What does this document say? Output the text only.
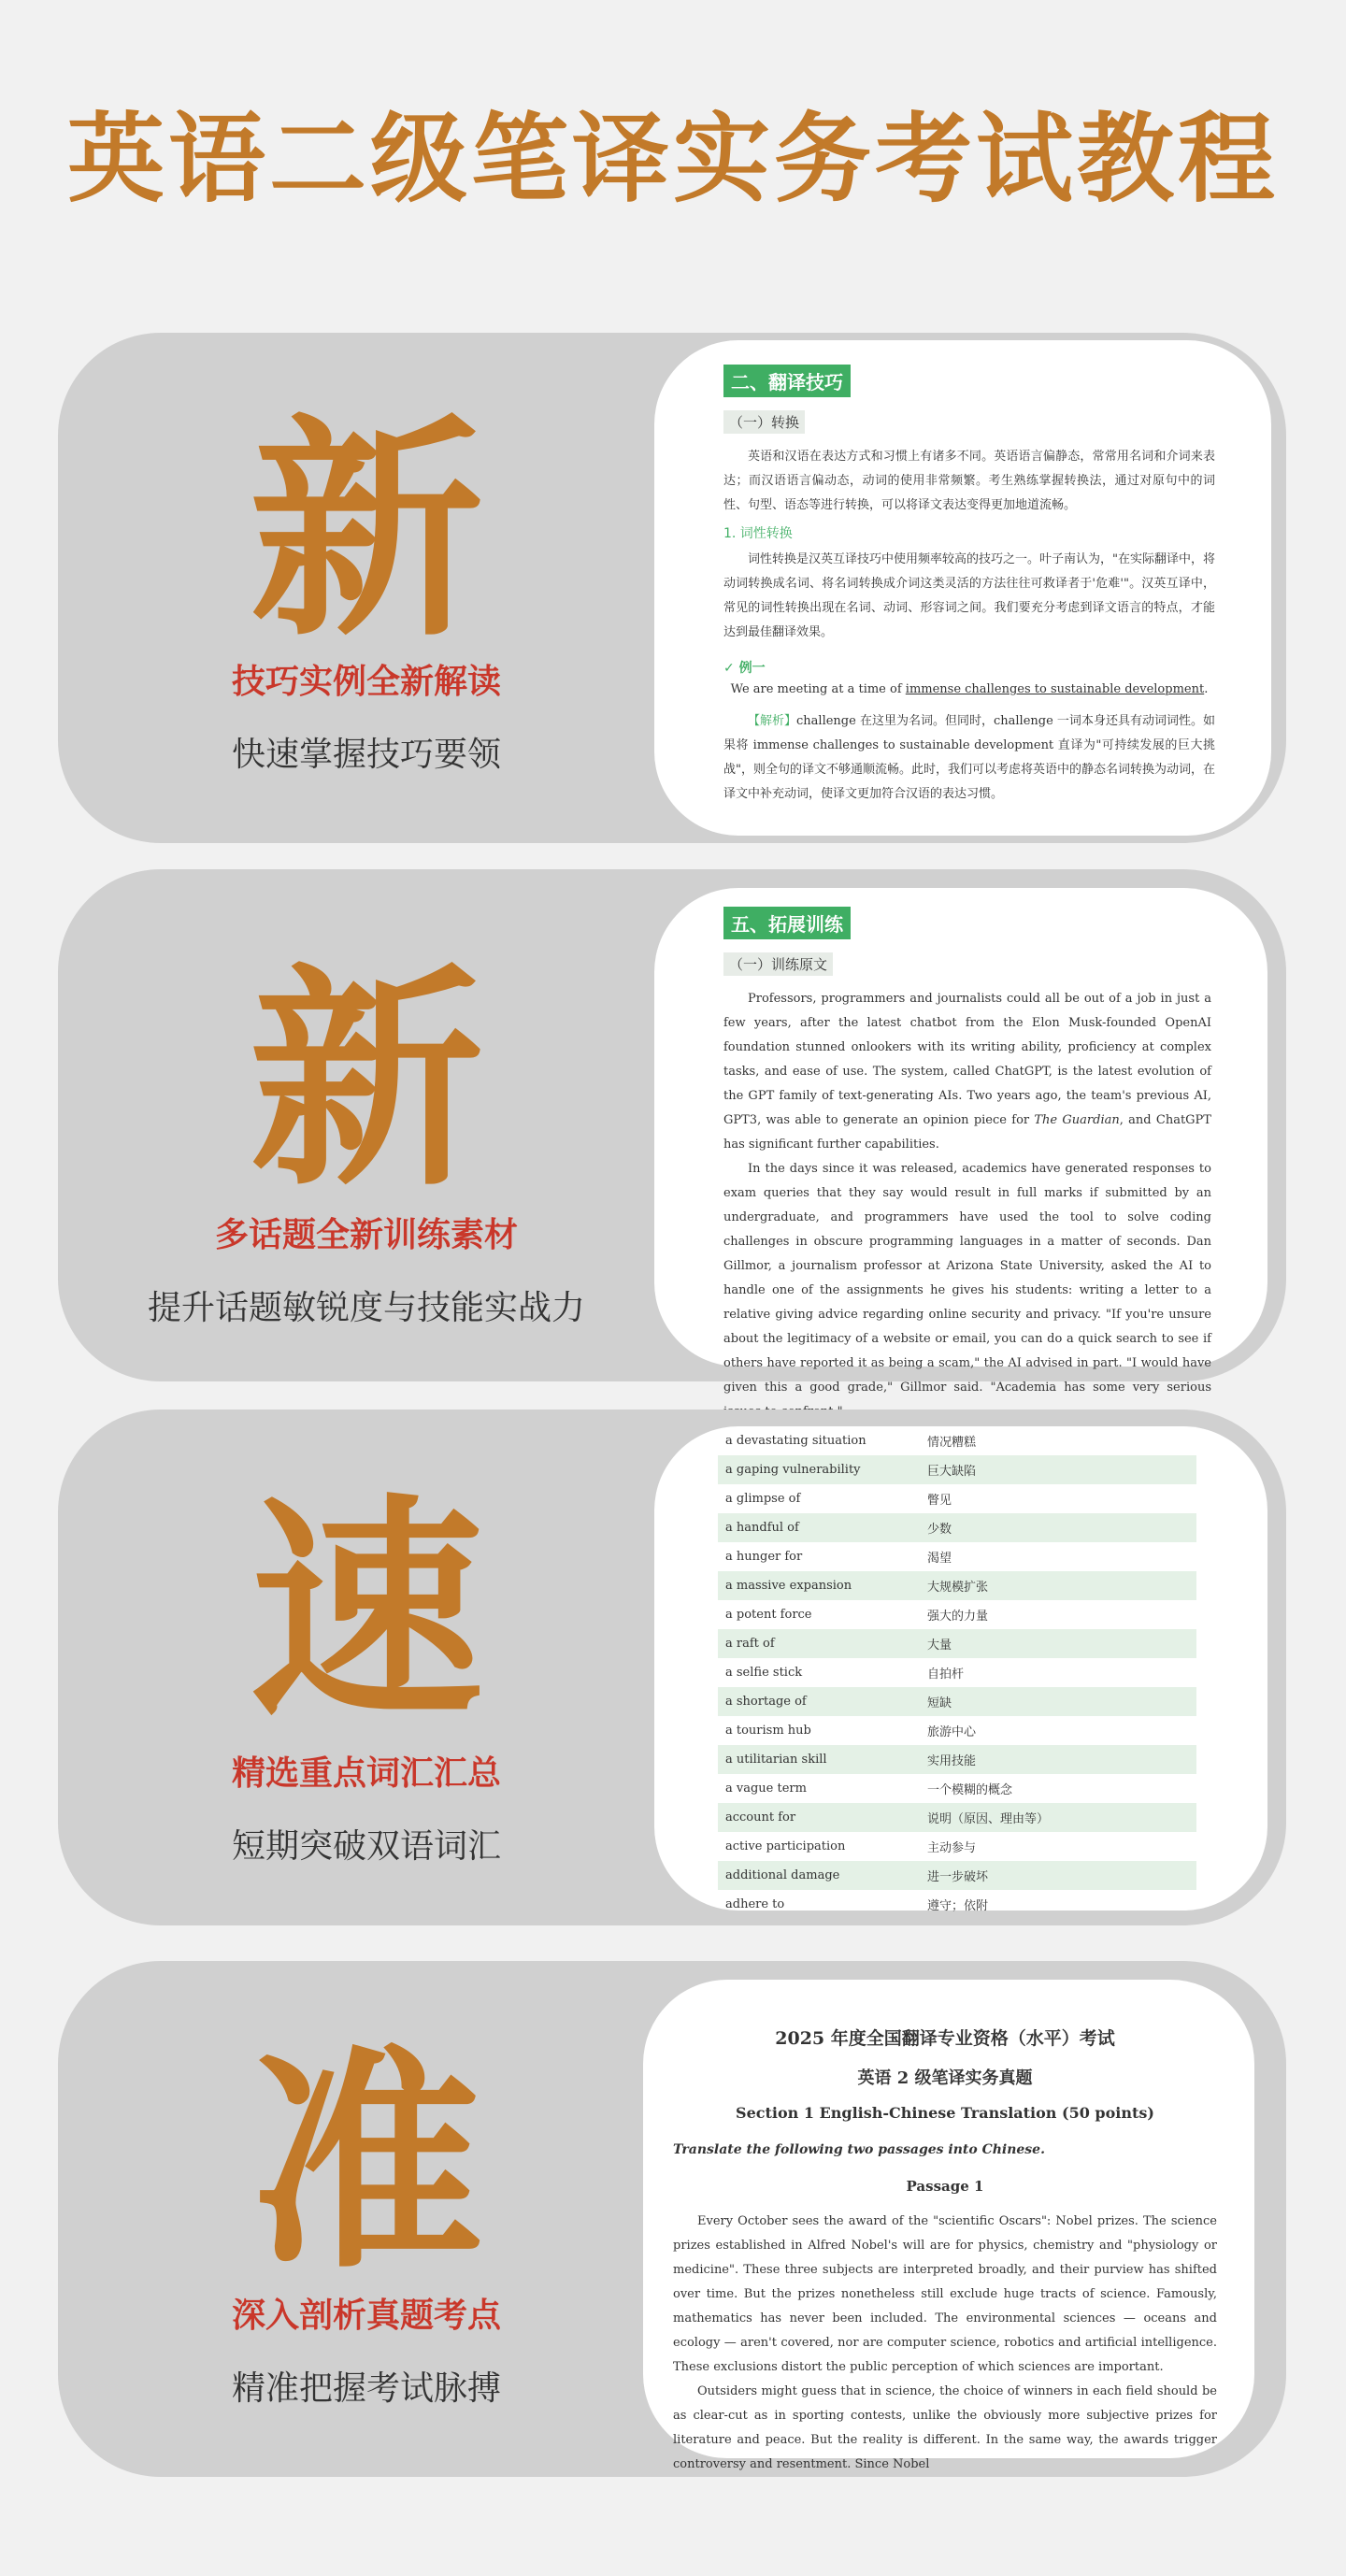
英语二级笔译实务考试教程
新
技巧实例全新解读
快速掌握技巧要领
二、翻译技巧
（一）转换

英语和汉语在表达方式和习惯上有诸多不同。英语语言偏静态，常常用名词和介词来表达；而汉语语言偏动态，动词的使用非常频繁。考生熟练掌握转换法，通过对原句中的词性、句型、语态等进行转换，可以将译文表达变得更加地道流畅。

1. 词性转换

词性转换是汉英互译技巧中使用频率较高的技巧之一。叶子南认为，"在实际翻译中，将动词转换成名词、将名词转换成介词这类灵活的方法往往可救译者于'危难'"。汉英互译中，常见的词性转换出现在名词、动词、形容词之间。我们要充分考虑到译文语言的特点，才能达到最佳翻译效果。

✓ 例一

We are meeting at a time of immense challenges to sustainable development.

【解析】challenge 在这里为名词。但同时，challenge 一词本身还具有动词词性。如果将 immense challenges to sustainable development 直译为"可持续发展的巨大挑战"，则全句的译文不够通顺流畅。此时，我们可以考虑将英语中的静态名词转换为动词，在译文中补充动词，使译文更加符合汉语的表达习惯。

新
多话题全新训练素材
提升话题敏锐度与技能实战力
五、拓展训练
（一）训练原文

Professors, programmers and journalists could all be out of a job in just a few years, after the latest chatbot from the Elon Musk-founded OpenAI foundation stunned onlookers with its writing ability, proficiency at complex tasks, and ease of use. The system, called ChatGPT, is the latest evolution of the GPT family of text-generating AIs. Two years ago, the team's previous AI, GPT3, was able to generate an opinion piece for The Guardian, and ChatGPT has significant further capabilities.

In the days since it was released, academics have generated responses to exam queries that they say would result in full marks if submitted by an undergraduate, and programmers have used the tool to solve coding challenges in obscure programming languages in a matter of seconds. Dan Gillmor, a journalism professor at Arizona State University, asked the AI to handle one of the assignments he gives his students: writing a letter to a relative giving advice regarding online security and privacy. "If you're unsure about the legitimacy of a website or email, you can do a quick search to see if others have reported it as being a scam," the AI advised in part. "I would have given this a good grade," Gillmor said. "Academia has some very serious

速
精选重点词汇汇总
短期突破双语词汇
a devastating situation	情况糟糕
a gaping vulnerability	巨大缺陷
a glimpse of	瞥见
a handful of	少数
a hunger for	渴望
a massive expansion	大规模扩张
a potent force	强大的力量
a raft of	大量
a selfie stick	自拍杆
a shortage of	短缺
a tourism hub	旅游中心
a utilitarian skill	实用技能
a vague term	一个模糊的概念
account for	说明（原因、理由等）
active participation	主动参与
additional damage	进一步破坏
adhere to	遵守；依附
准
深入剖析真题考点
精准把握考试脉搏

2025 年度全国翻译专业资格（水平）考试

英语 2 级笔译实务真题

Section 1 English-Chinese Translation (50 points)

Translate the following two passages into Chinese.

Passage 1

Every October sees the award of the "scientific Oscars": Nobel prizes. The science prizes established in Alfred Nobel's will are for physics, chemistry and "physiology or medicine". These three subjects are interpreted broadly, and their purview has shifted over time. But the prizes nonetheless still exclude huge tracts of science. Famously, mathematics has never been included. The environmental sciences — oceans and ecology — aren't covered, nor are computer science, robotics and artificial intelligence. These exclusions distort the public perception of which sciences are important.

Outsiders might guess that in science, the choice of winners in each field should be as clear-cut as in sporting contests, unlike the obviously more subjective prizes for literature and peace. But the reality is different. In the same way, the awards trigger controversy and resentment. Since Nobel
